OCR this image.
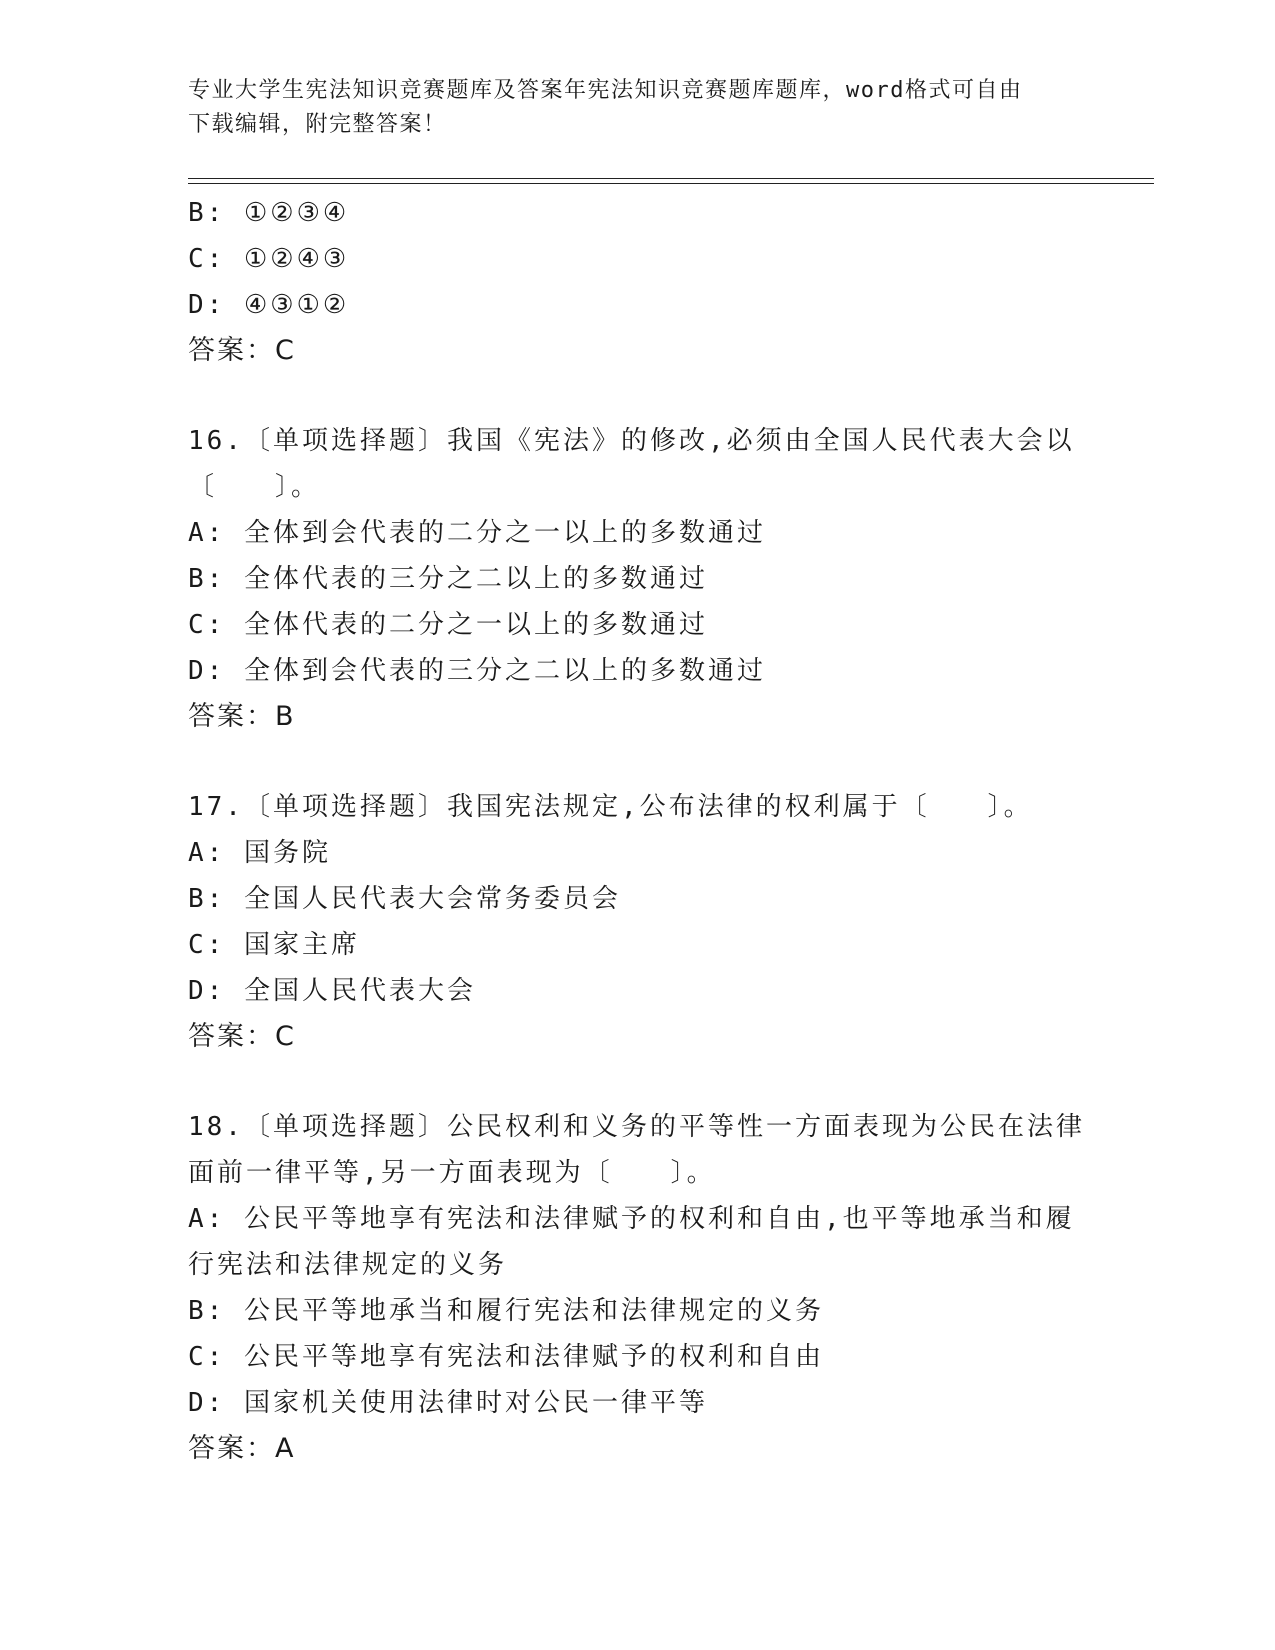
专业大学生宪法知识竞赛题库及答案年宪法知识竞赛题库题库，word格式可自由
下载编辑，附完整答案！
B: ①②③④
C: ①②④③
D: ④③①②
答案：C
16.〔单项选择题〕我国《宪法》的修改,必须由全国人民代表大会以
〔　　〕。
A: 全体到会代表的二分之一以上的多数通过
B: 全体代表的三分之二以上的多数通过
C: 全体代表的二分之一以上的多数通过
D: 全体到会代表的三分之二以上的多数通过
答案：B
17.〔单项选择题〕我国宪法规定,公布法律的权利属于〔　　〕。
A: 国务院
B: 全国人民代表大会常务委员会
C: 国家主席
D: 全国人民代表大会
答案：C
18.〔单项选择题〕公民权利和义务的平等性一方面表现为公民在法律
面前一律平等,另一方面表现为〔　　〕。
A: 公民平等地享有宪法和法律赋予的权利和自由,也平等地承当和履
行宪法和法律规定的义务
B: 公民平等地承当和履行宪法和法律规定的义务
C: 公民平等地享有宪法和法律赋予的权利和自由
D: 国家机关使用法律时对公民一律平等
答案：A
